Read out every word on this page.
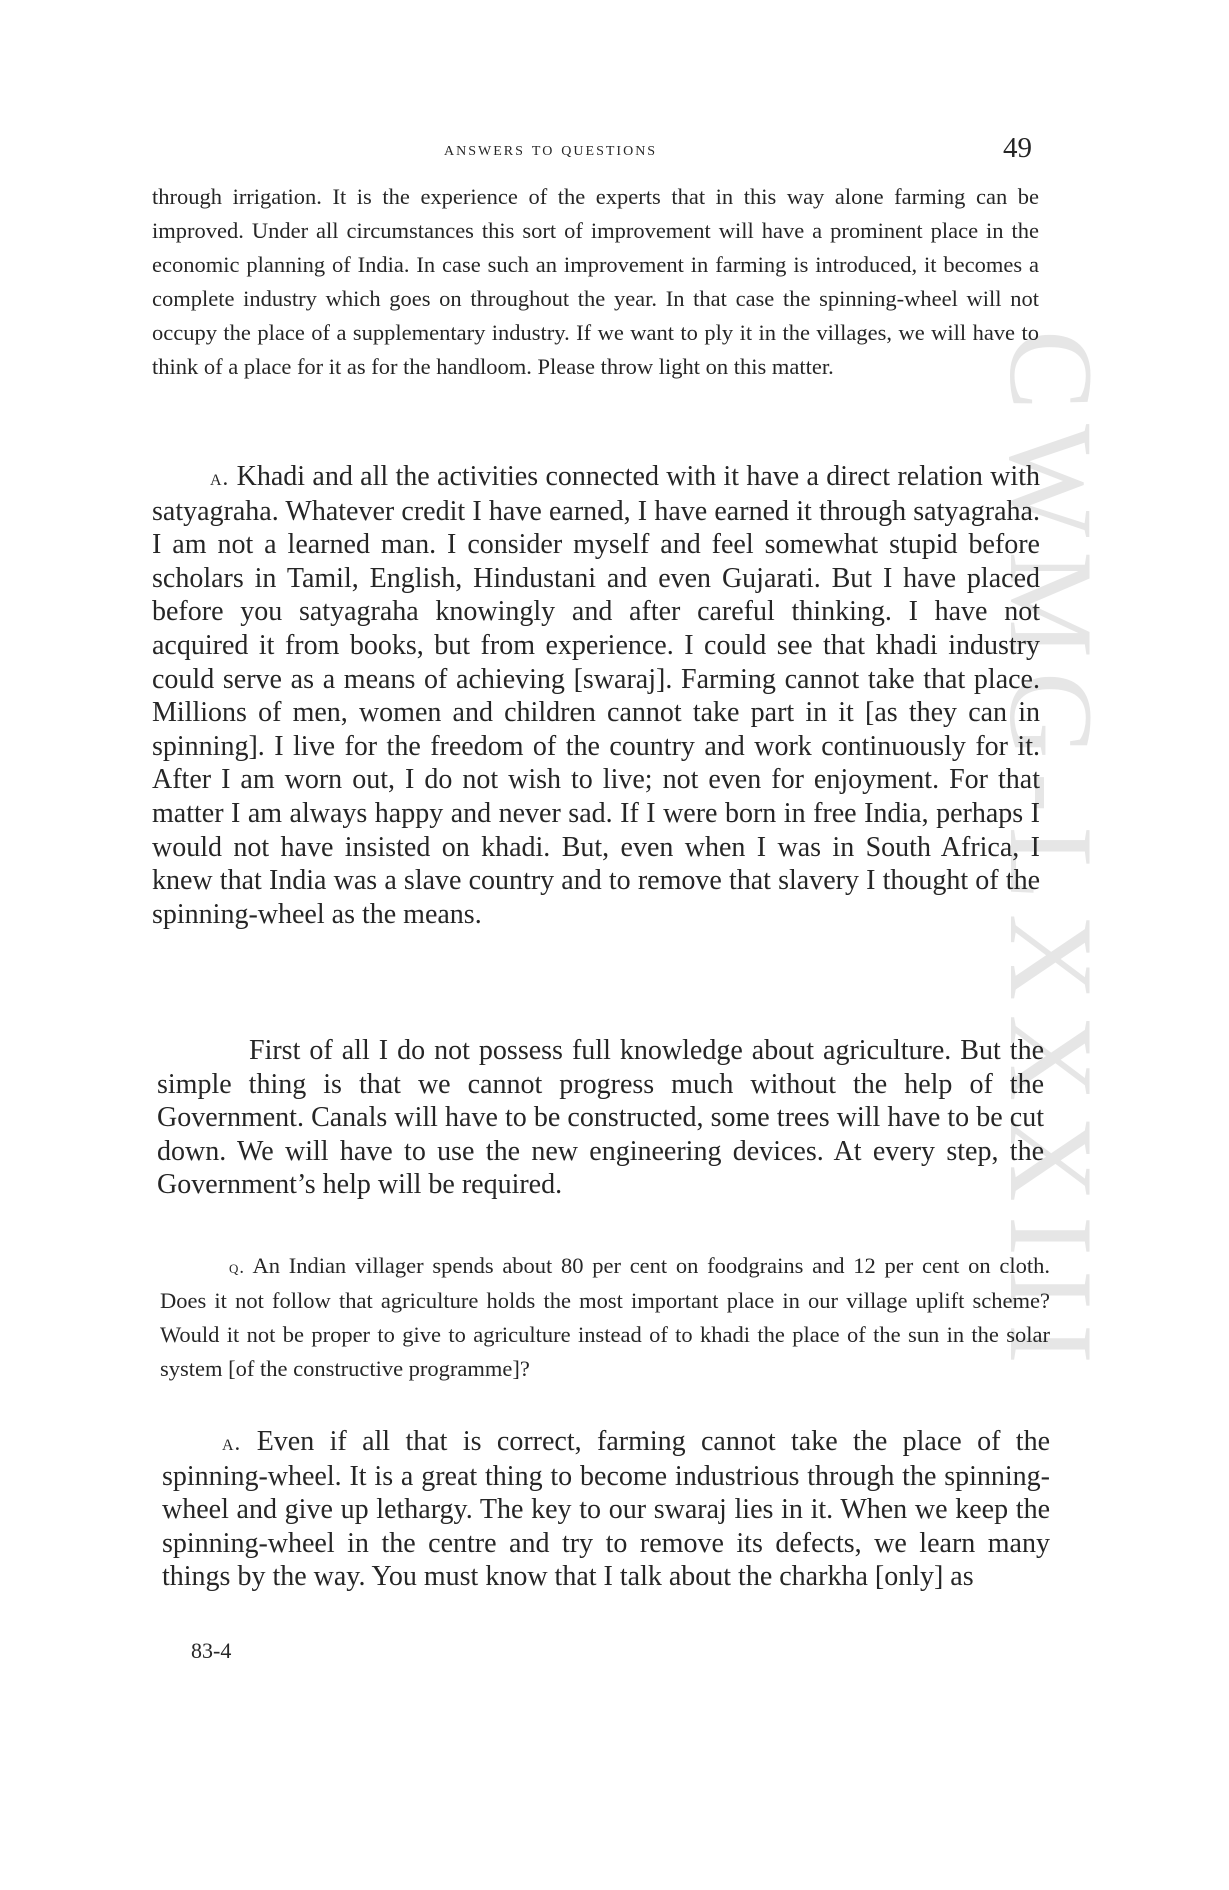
answers to questions	49
CWMG-LXXXIII

through irrigation. It is the experience of the experts that in this way alone farming can be improved. Under all circumstances this sort of improvement will have a prominent place in the economic planning of India. In case such an improvement in farming is introduced, it becomes a complete industry which goes on throughout the year. In that case the spinning-wheel will not occupy the place of a supplementary industry. If we want to ply it in the villages, we will have to think of a place for it as for the handloom. Please throw light on this matter.

a. Khadi and all the activities connected with it have a direct relation with satyagraha. Whatever credit I have earned, I have earned it through satyagraha. I am not a learned man. I consider myself and feel somewhat stupid before scholars in Tamil, English, Hindustani and even Gujarati. But I have placed before you satyagraha knowingly and after careful thinking. I have not acquired it from books, but from experience. I could see that khadi industry could serve as a means of achieving [swaraj]. Farming cannot take that place. Millions of men, women and children cannot take part in it [as they can in spinning]. I live for the freedom of the country and work continuously for it. After I am worn out, I do not wish to live; not even for enjoyment. For that matter I am always happy and never sad. If I were born in free India, perhaps I would not have insisted on khadi. But, even when I was in South Africa, I knew that India was a slave country and to remove that slavery I thought of the spinning-wheel as the means.

First of all I do not possess full knowledge about agriculture. But the simple thing is that we cannot progress much without the help of the Government. Canals will have to be constructed, some trees will have to be cut down. We will have to use the new engineering devices. At every step, the Government’s help will be required.

q. An Indian villager spends about 80 per cent on foodgrains and 12 per cent on cloth. Does it not follow that agriculture holds the most important place in our village uplift scheme? Would it not be proper to give to agriculture instead of to khadi the place of the sun in the solar system [of the constructive programme]?

a. Even if all that is correct, farming cannot take the place of the spinning-wheel. It is a great thing to become industrious through the spinning-wheel and give up lethargy. The key to our swaraj lies in it. When we keep the spinning-wheel in the centre and try to remove its defects, we learn many things by the way. You must know that I talk about the charkha [only] as

83-4
